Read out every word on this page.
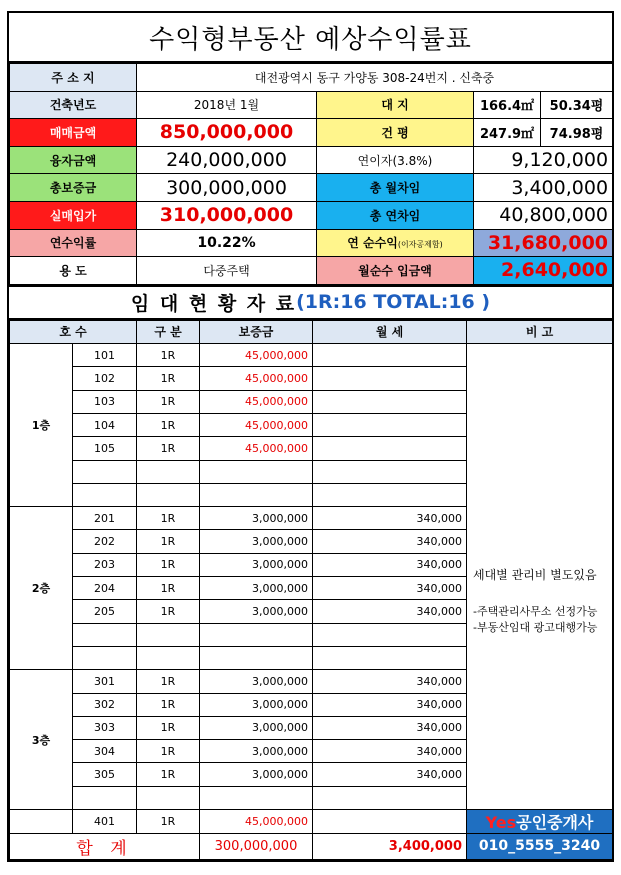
수익형부동산 예상수익률표
주 소 지	대전광역시 동구 가양동 308-24번지 . 신축중			
건축년도	2018년 1월	대 지	166.4㎡	50.34평
매매금액	850,000,000	건 평	247.9㎡	74.98평
융자금액	240,000,000	연이자(3.8%)	9,120,000	
총보증금	300,000,000	총 월차임	3,400,000	
실매입가	310,000,000	총 연차임	40,800,000	
연수익률	10.22%	연 순수익(이자공제함)	31,680,000	
용 도	다중주택	월순수 입금액	2,640,000	
임 대 현 황 자 료 (1R:16 TOTAL:16 )
호 수		구 분	보증금	월 세	비 고
1층	101	1R	45,000,000		세대별 관리비 별도있음

-주택관리사무소 선정가능

-부동산임대 광고대행가능

	102	1R	45,000,000		
	103	1R	45,000,000		
	104	1R	45,000,000		
	105	1R	45,000,000		

2층	201	1R	3,000,000	340,000	
	202	1R	3,000,000	340,000	
	203	1R	3,000,000	340,000	
	204	1R	3,000,000	340,000	
	205	1R	3,000,000	340,000	

3층	301	1R	3,000,000	340,000	
	302	1R	3,000,000	340,000	
	303	1R	3,000,000	340,000	
	304	1R	3,000,000	340,000	
	305	1R	3,000,000	340,000	

	401	1R	45,000,000		Yes공인중개사
합 계			300,000,000	3,400,000	010_5555_3240
